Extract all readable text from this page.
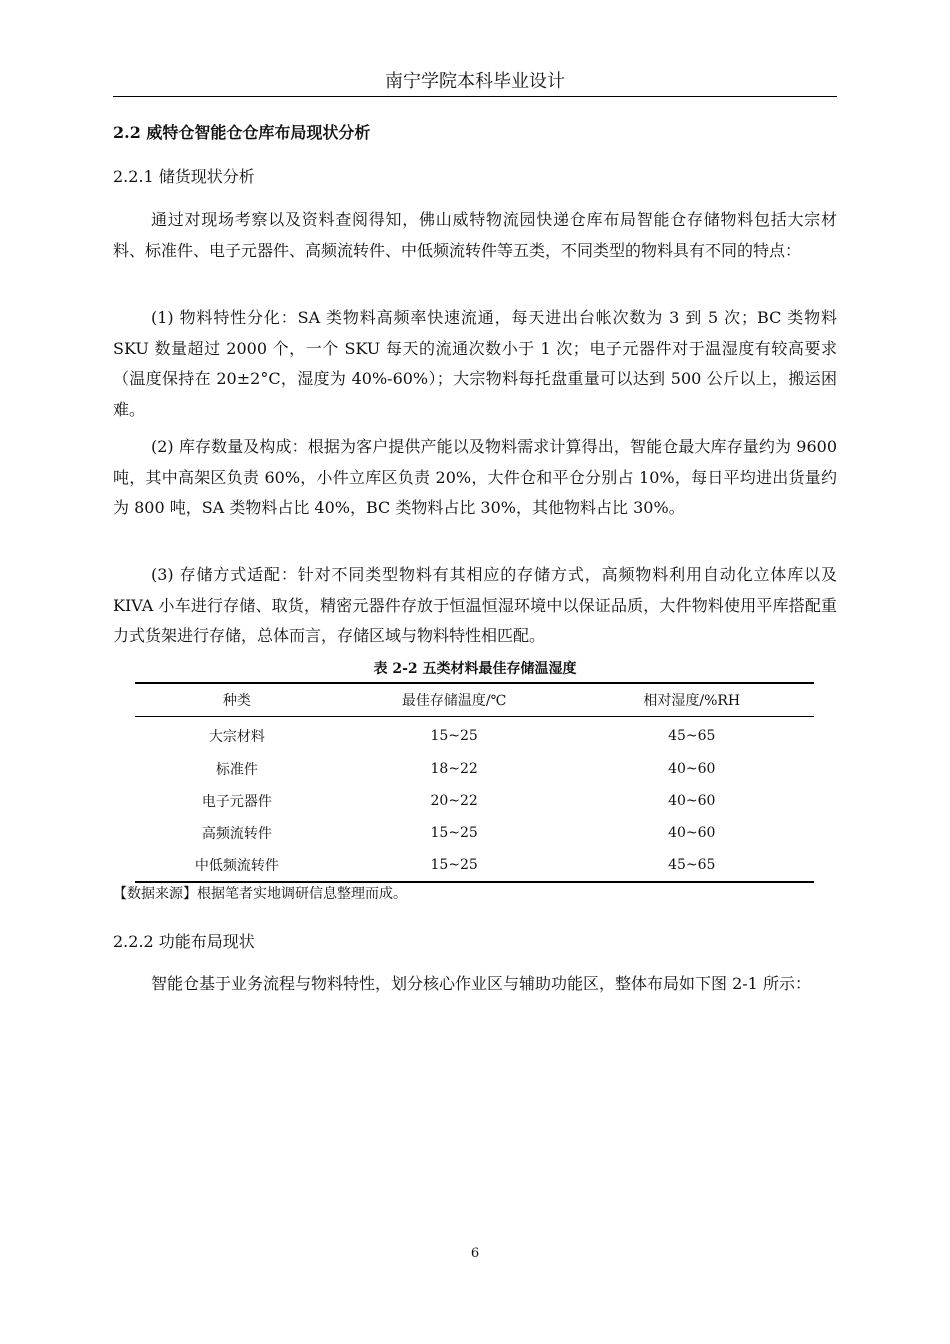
南宁学院本科毕业设计
2.2 威特仓智能仓仓库布局现状分析
2.2.1 储货现状分析

通过对现场考察以及资料查阅得知，佛山威特物流园快递仓库布局智能仓存储物料包括大宗材料、标准件、电子元器件、高频流转件、中低频流转件等五类，不同类型的物料具有不同的特点：

(1) 物料特性分化：SA 类物料高频率快速流通，每天进出台帐次数为 3 到 5 次；BC 类物料 SKU 数量超过 2000 个，一个 SKU 每天的流通次数小于 1 次；电子元器件对于温湿度有较高要求（温度保持在 20±2°C，湿度为 40%-60%）；大宗物料每托盘重量可以达到 500 公斤以上，搬运困难。

(2) 库存数量及构成：根据为客户提供产能以及物料需求计算得出，智能仓最大库存量约为 9600 吨，其中高架区负责 60%，小件立库区负责 20%，大件仓和平仓分别占 10%，每日平均进出货量约为 800 吨，SA 类物料占比 40%，BC 类物料占比 30%，其他物料占比 30%。

(3) 存储方式适配：针对不同类型物料有其相应的存储方式，高频物料利用自动化立体库以及 KIVA 小车进行存储、取货，精密元器件存放于恒温恒湿环境中以保证品质，大件物料使用平库搭配重力式货架进行存储，总体而言，存储区域与物料特性相匹配。

表 2-2 五类材料最佳存储温湿度
种类	最佳存储温度/℃	相对湿度/%RH
大宗材料	15~25	45~65
标准件	18~22	40~60
电子元器件	20~22	40~60
高频流转件	15~25	40~60
中低频流转件	15~25	45~65
【数据来源】根据笔者实地调研信息整理而成。
2.2.2 功能布局现状

智能仓基于业务流程与物料特性，划分核心作业区与辅助功能区，整体布局如下图 2-1 所示：

6
